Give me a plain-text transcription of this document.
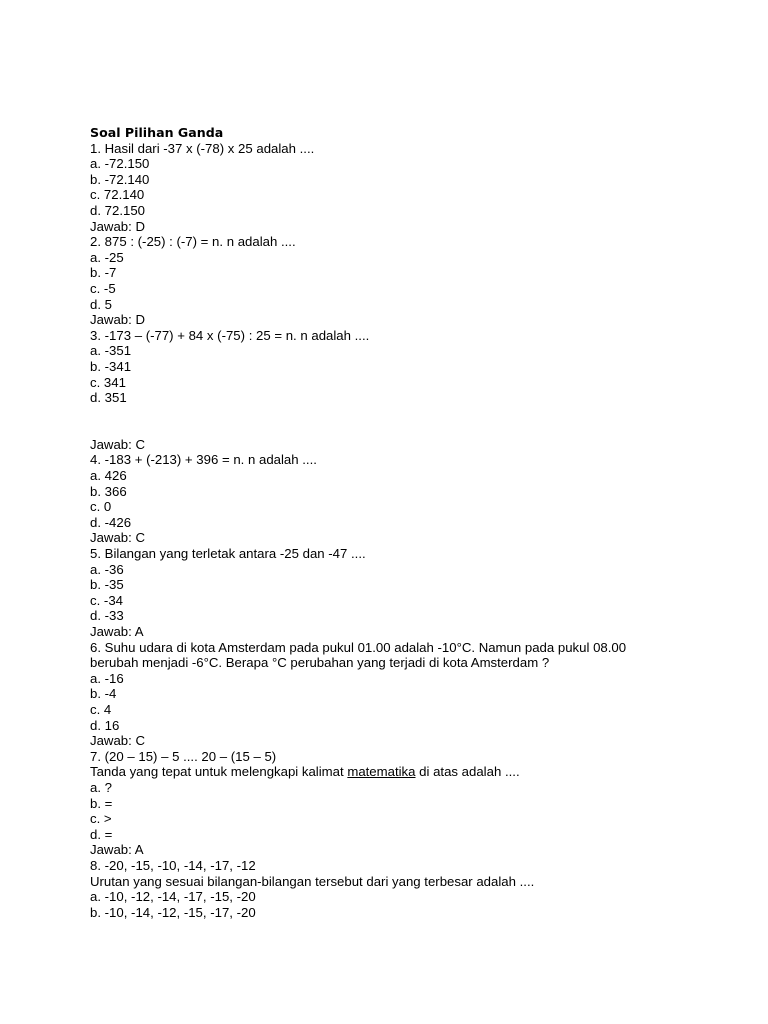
Soal Pilihan Ganda
1. Hasil dari -37 x (-78) x 25 adalah ....
a. -72.150
b. -72.140
c. 72.140
d. 72.150
Jawab: D
2. 875 : (-25) : (-7) = n. n adalah ....
a. -25
b. -7
c. -5
d. 5
Jawab: D
3. -173 – (-77) + 84 x (-75) : 25 = n. n adalah ....
a. -351
b. -341
c. 341
d. 351
Jawab: C
4. -183 + (-213) + 396 = n. n adalah ....
a. 426
b. 366
c. 0
d. -426
Jawab: C
5. Bilangan yang terletak antara -25 dan -47 ....
a. -36
b. -35
c. -34
d. -33
Jawab: A
6. Suhu udara di kota Amsterdam pada pukul 01.00 adalah -10°C. Namun pada pukul 08.00
berubah menjadi -6°C. Berapa °C perubahan yang terjadi di kota Amsterdam ?
a. -16
b. -4
c. 4
d. 16
Jawab: C
7. (20 – 15) – 5 .... 20 – (15 – 5)
Tanda yang tepat untuk melengkapi kalimat matematika di atas adalah ....
a. ?
b. =
c. >
d. =
Jawab: A
8. -20, -15, -10, -14, -17, -12
Urutan yang sesuai bilangan-bilangan tersebut dari yang terbesar adalah ....
a. -10, -12, -14, -17, -15, -20
b. -10, -14, -12, -15, -17, -20
